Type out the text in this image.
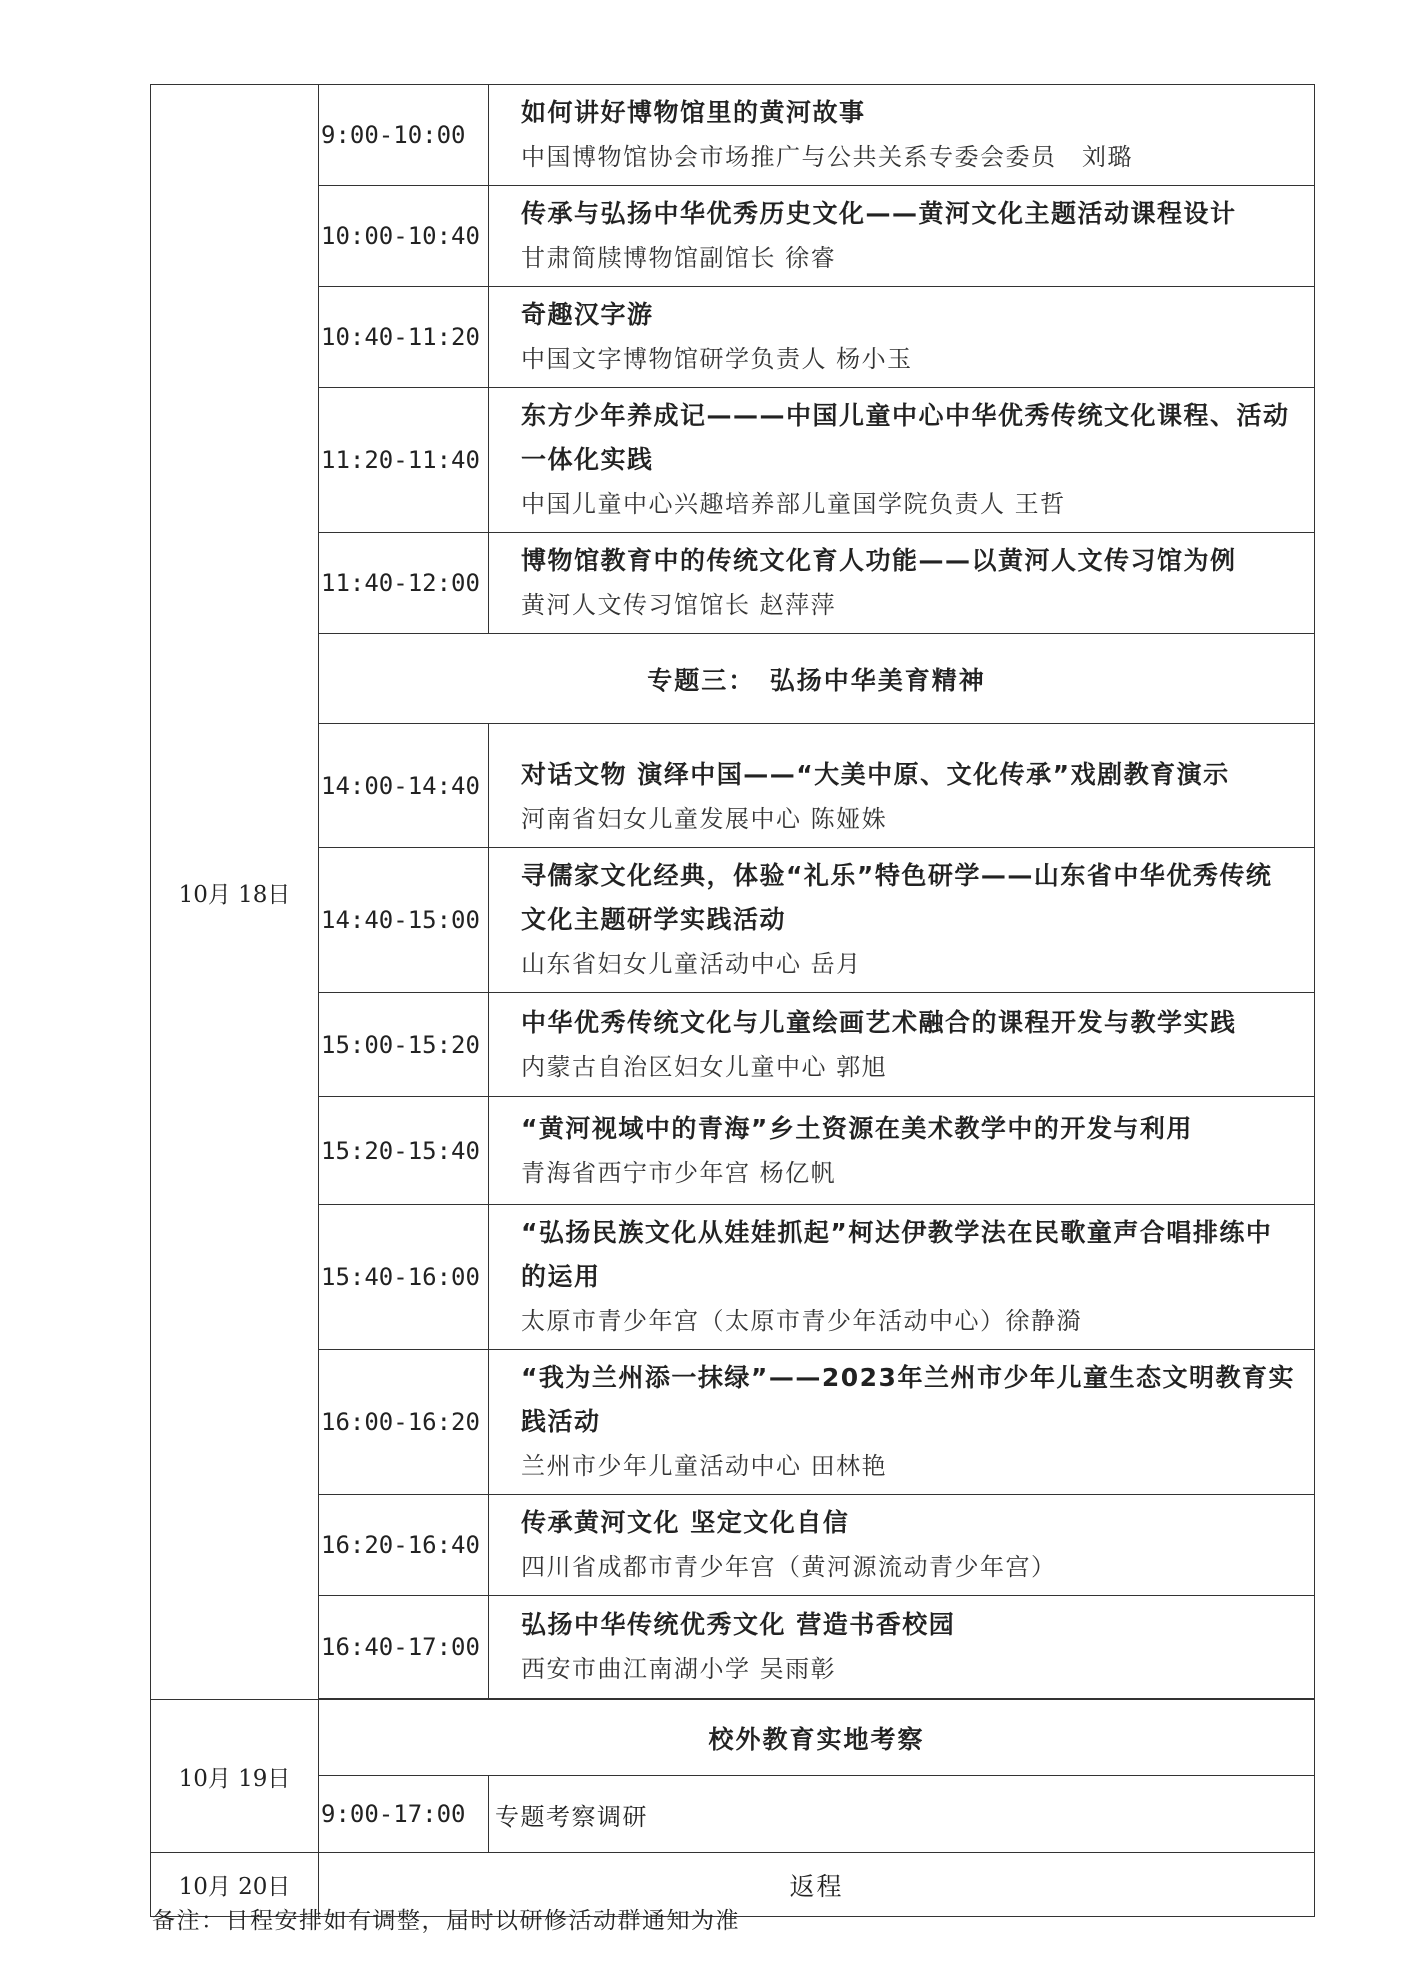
10月 18日	9:00-10:00	如何讲好博物馆里的黄河故事
中国博物馆协会市场推广与公共关系专委会委员　刘璐

	10:00-10:40	传承与弘扬中华优秀历史文化——黄河文化主题活动课程设计
甘肃简牍博物馆副馆长 徐睿

	10:40-11:20	奇趣汉字游
中国文字博物馆研学负责人 杨小玉

	11:20-11:40	东方少年养成记———中国儿童中心中华优秀传统文化课程、活动一体化实践
中国儿童中心兴趣培养部儿童国学院负责人 王哲

	11:40-12:00	博物馆教育中的传统文化育人功能——以黄河人文传习馆为例
黄河人文传习馆馆长 赵萍萍

	专题三：　弘扬中华美育精神	
	14:00-14:40	对话文物 演绎中国——“大美中原、文化传承”戏剧教育演示
河南省妇女儿童发展中心 陈娅姝

	14:40-15:00	寻儒家文化经典，体验“礼乐”特色研学——山东省中华优秀传统文化主题研学实践活动
山东省妇女儿童活动中心 岳月

	15:00-15:20	中华优秀传统文化与儿童绘画艺术融合的课程开发与教学实践
内蒙古自治区妇女儿童中心 郭旭

	15:20-15:40	“黄河视域中的青海”乡土资源在美术教学中的开发与利用
青海省西宁市少年宫 杨亿帆

	15:40-16:00	“弘扬民族文化从娃娃抓起”柯达伊教学法在民歌童声合唱排练中的运用
太原市青少年宫（太原市青少年活动中心）徐静漪

	16:00-16:20	“我为兰州添一抹绿”——2023年兰州市少年儿童生态文明教育实践活动
兰州市少年儿童活动中心 田林艳

	16:20-16:40	传承黄河文化 坚定文化自信
四川省成都市青少年宫（黄河源流动青少年宫）

	16:40-17:00	弘扬中华传统优秀文化 营造书香校园
西安市曲江南湖小学 吴雨彰

10月 19日	校外教育实地考察	
	9:00-17:00	专题考察调研
10月 20日	返程	
备注：日程安排如有调整，届时以研修活动群通知为准
